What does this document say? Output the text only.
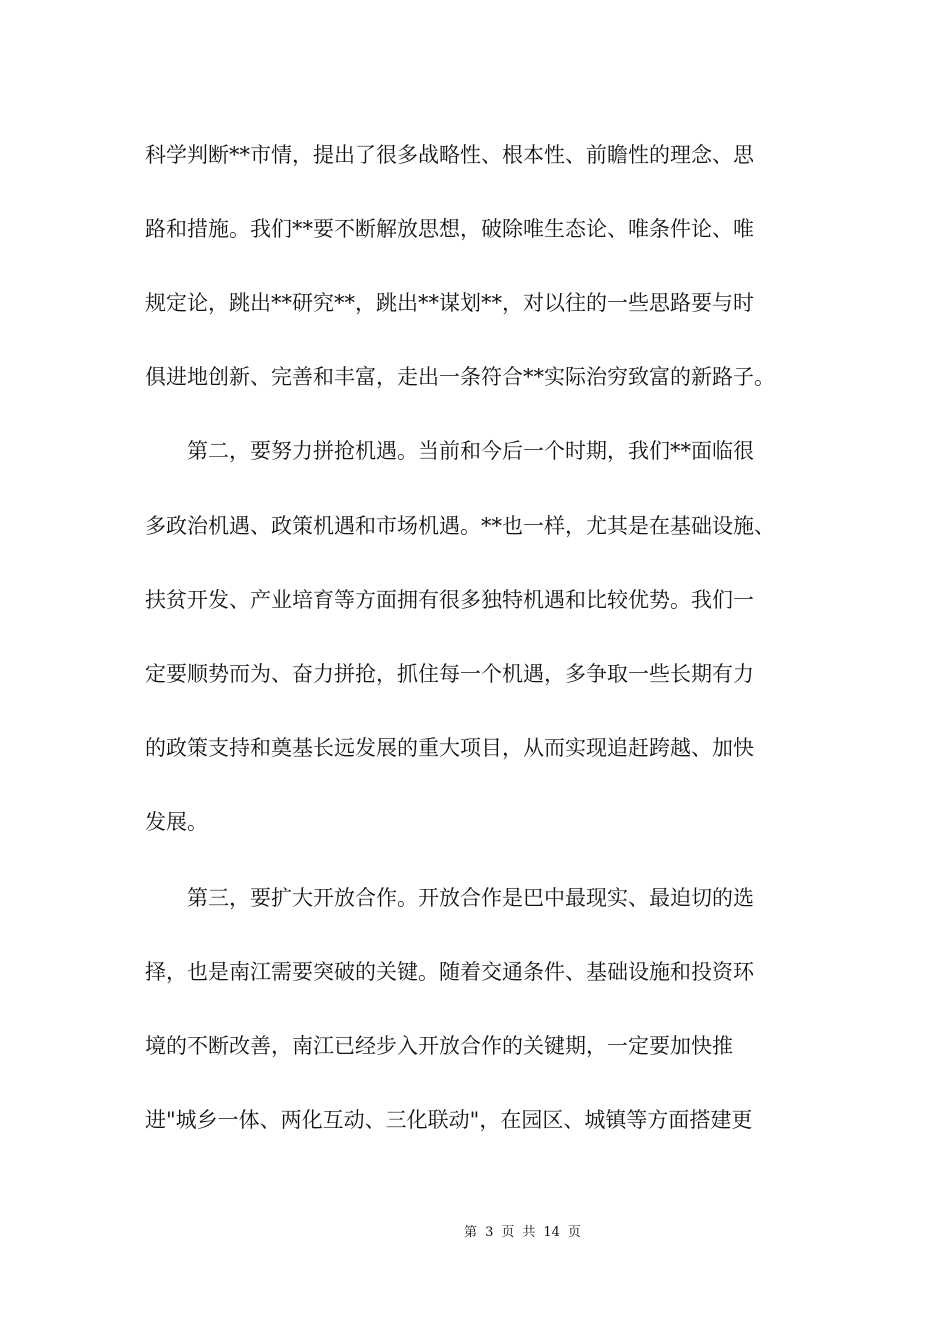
科学判断**市情，提出了很多战略性、根本性、前瞻性的理念、思
路和措施。我们**要不断解放思想，破除唯生态论、唯条件论、唯
规定论，跳出**研究**，跳出**谋划**，对以往的一些思路要与时
俱进地创新、完善和丰富，走出一条符合**实际治穷致富的新路子。
第二，要努力拼抢机遇。当前和今后一个时期，我们**面临很
多政治机遇、政策机遇和市场机遇。**也一样，尤其是在基础设施、
扶贫开发、产业培育等方面拥有很多独特机遇和比较优势。我们一
定要顺势而为、奋力拼抢，抓住每一个机遇，多争取一些长期有力
的政策支持和奠基长远发展的重大项目，从而实现追赶跨越、加快
发展。
第三，要扩大开放合作。开放合作是巴中最现实、最迫切的选
择，也是南江需要突破的关键。随着交通条件、基础设施和投资环
境的不断改善，南江已经步入开放合作的关键期，一定要加快推
进"城乡一体、两化互动、三化联动"，在园区、城镇等方面搭建更
第 3 页 共 14 页
